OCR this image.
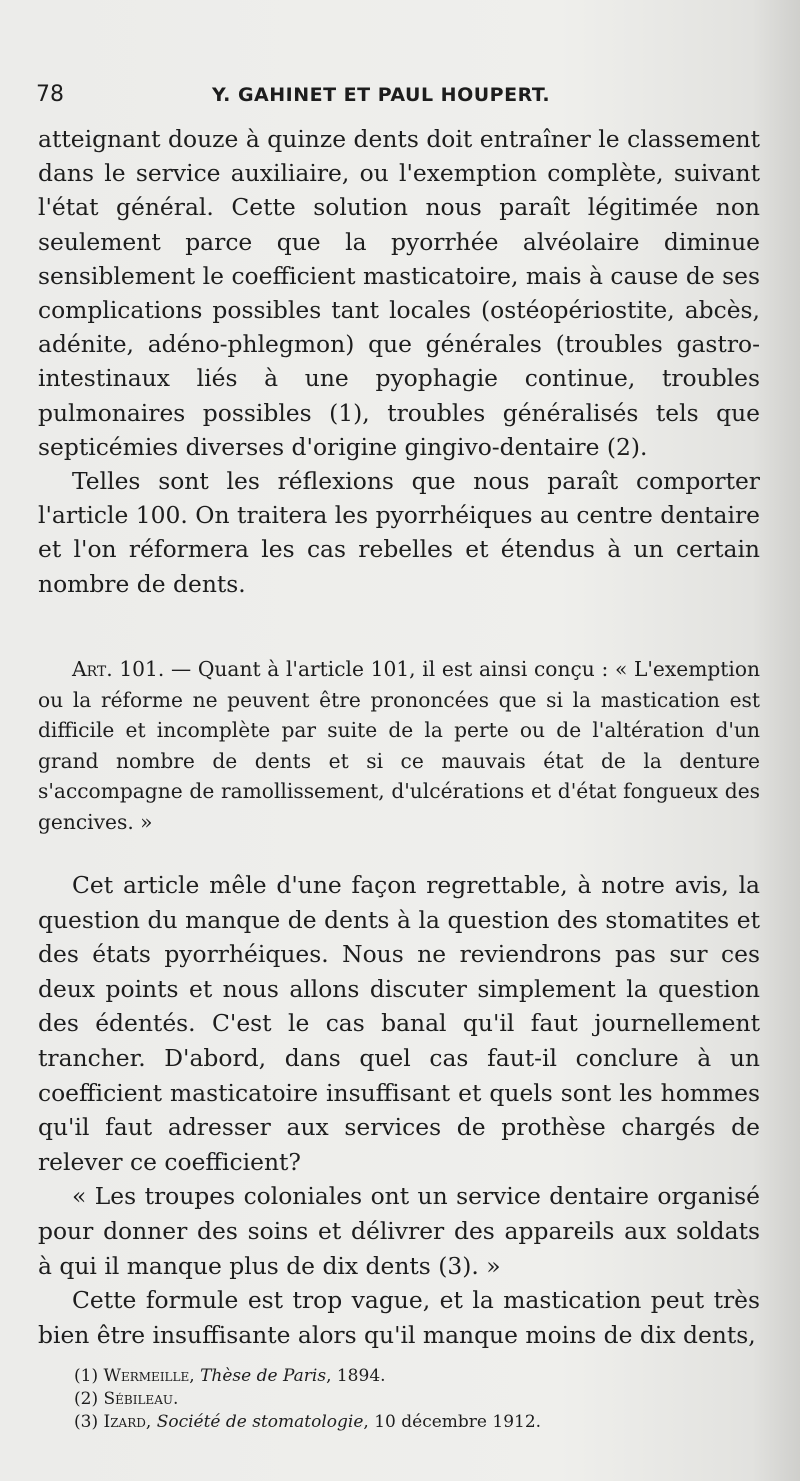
78	Y. GAHINET ET PAUL HOUPERT.

atteignant douze à quinze dents doit entraîner le classement dans le service auxiliaire, ou l'exemption complète, suivant l'état général. Cette solution nous paraît légitimée non seulement parce que la pyorrhée alvéolaire diminue sensiblement le coefficient masticatoire, mais à cause de ses complications possibles tant locales (ostéopériostite, abcès, adénite, adéno-phlegmon) que générales (troubles gastro-intestinaux liés à une pyophagie continue, troubles pulmonaires possibles (1), troubles généralisés tels que septicémies diverses d'origine gingivo-dentaire (2).

Telles sont les réflexions que nous paraît comporter l'article 100. On traitera les pyorrhéiques au centre dentaire et l'on réformera les cas rebelles et étendus à un certain nombre de dents.

Art. 101. — Quant à l'article 101, il est ainsi conçu : « L'exemption ou la réforme ne peuvent être prononcées que si la mastication est difficile et incomplète par suite de la perte ou de l'altération d'un grand nombre de dents et si ce mauvais état de la denture s'accompagne de ramollissement, d'ulcérations et d'état fongueux des gencives. »

Cet article mêle d'une façon regrettable, à notre avis, la question du manque de dents à la question des stomatites et des états pyorrhéiques. Nous ne reviendrons pas sur ces deux points et nous allons discuter simplement la question des édentés. C'est le cas banal qu'il faut journellement trancher. D'abord, dans quel cas faut-il conclure à un coefficient masticatoire insuffisant et quels sont les hommes qu'il faut adresser aux services de prothèse chargés de relever ce coefficient?

« Les troupes coloniales ont un service dentaire organisé pour donner des soins et délivrer des appareils aux soldats à qui il manque plus de dix dents (3). »

Cette formule est trop vague, et la mastication peut très bien être insuffisante alors qu'il manque moins de dix dents,

(1) Wermeille, Thèse de Paris, 1894.
(2) Sébileau.
(3) Izard, Société de stomatologie, 10 décembre 1912.
